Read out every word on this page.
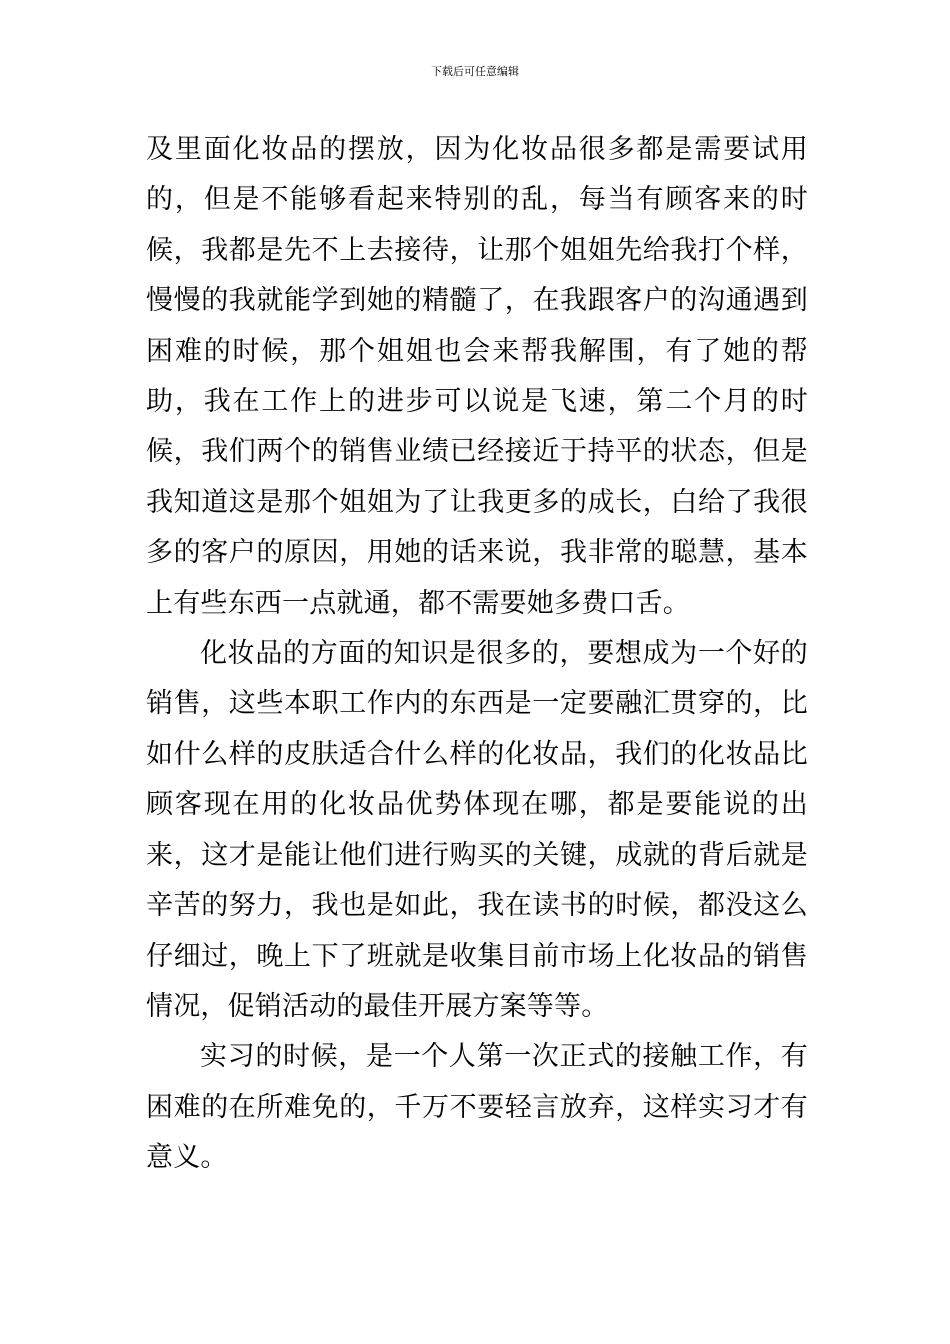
下载后可任意编辑

及里面化妆品的摆放，因为化妆品很多都是需要试用的，但是不能够看起来特别的乱，每当有顾客来的时候，我都是先不上去接待，让那个姐姐先给我打个样，慢慢的我就能学到她的精髓了，在我跟客户的沟通遇到困难的时候，那个姐姐也会来帮我解围，有了她的帮助，我在工作上的进步可以说是飞速，第二个月的时候，我们两个的销售业绩已经接近于持平的状态，但是我知道这是那个姐姐为了让我更多的成长，白给了我很多的客户的原因，用她的话来说，我非常的聪慧，基本上有些东西一点就通，都不需要她多费口舌。

化妆品的方面的知识是很多的，要想成为一个好的销售，这些本职工作内的东西是一定要融汇贯穿的，比如什么样的皮肤适合什么样的化妆品，我们的化妆品比顾客现在用的化妆品优势体现在哪，都是要能说的出来，这才是能让他们进行购买的关键，成就的背后就是辛苦的努力，我也是如此，我在读书的时候，都没这么仔细过，晚上下了班就是收集目前市场上化妆品的销售情况，促销活动的最佳开展方案等等。

实习的时候，是一个人第一次正式的接触工作，有困难的在所难免的，千万不要轻言放弃，这样实习才有意义。
